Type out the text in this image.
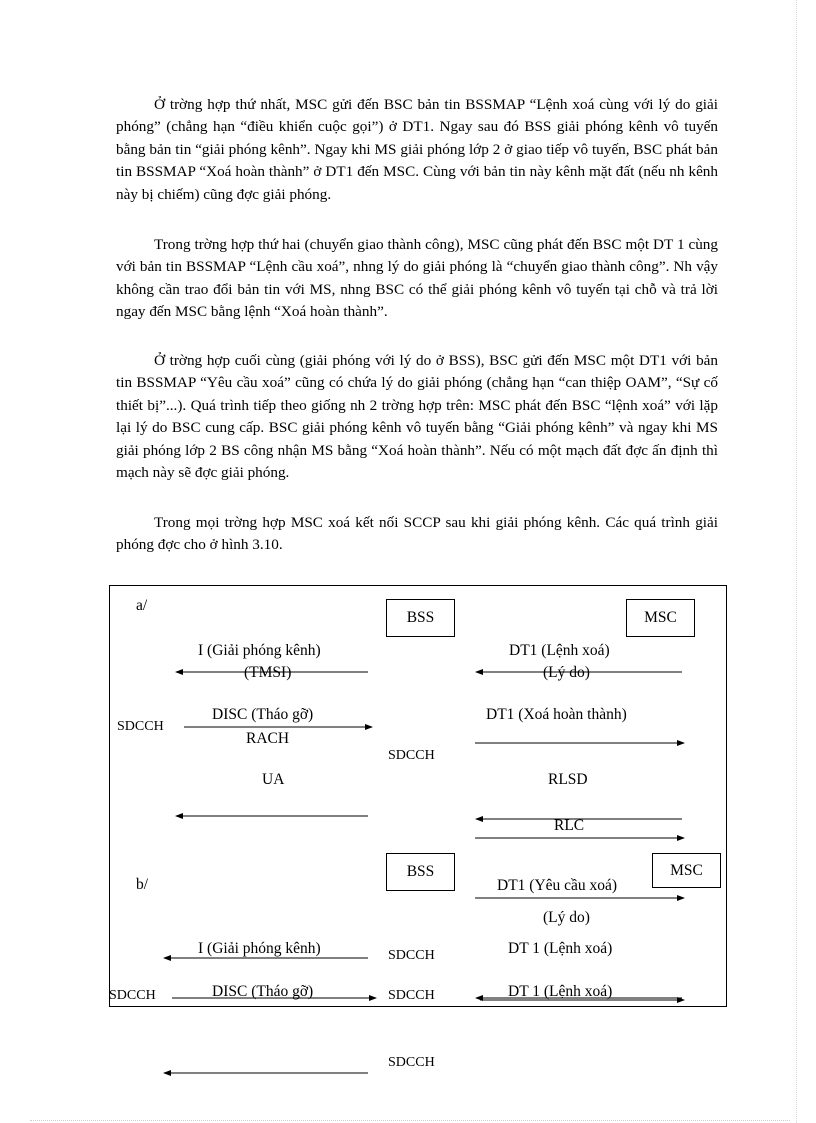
Ở trờng hợp thứ nhất, MSC gửi đến BSC bản tin BSSMAP “Lệnh xoá cùng với lý do giải phóng” (chẳng hạn “điều khiển cuộc gọi”) ở DT1. Ngay sau đó BSS giải phóng kênh vô tuyến bằng bản tin “giải phóng kênh”. Ngay khi MS giải phóng lớp 2 ở giao tiếp vô tuyến, BSC phát bản tin BSSMAP “Xoá hoàn thành” ở DT1 đến MSC. Cùng với bản tin này kênh mặt đất (nếu nh kênh này bị chiếm) cũng đợc giải phóng.

Trong trờng hợp thứ hai (chuyển giao thành công), MSC cũng phát đến BSC một DT 1 cùng với bản tin BSSMAP “Lệnh cầu xoá”, nhng lý do giải phóng là “chuyển giao thành công”. Nh vậy không cần trao đổi bản tin với MS, nhng BSC có thể giải phóng kênh vô tuyến tại chỗ và trả lời ngay đến MSC bằng lệnh “Xoá hoàn thành”.

Ở trờng hợp cuối cùng (giải phóng với lý do ở BSS), BSC gửi đến MSC một DT1 với bản tin BSSMAP “Yêu cầu xoá” cũng có chứa lý do giải phóng (chẳng hạn “can thiệp OAM”, “Sự cố thiết bị”...). Quá trình tiếp theo giống nh 2 trờng hợp trên: MSC phát đến BSC “lệnh xoá” với lặp lại lý do BSC cung cấp. BSC giải phóng kênh vô tuyến bằng “Giải phóng kênh” và ngay khi MS giải phóng lớp 2 BS công nhận MS bằng “Xoá hoàn thành”. Nếu có một mạch đất đợc ấn định thì mạch này sẽ đợc giải phóng.

Trong mọi trờng hợp MSC xoá kết nối SCCP sau khi giải phóng kênh. Các quá trình giải phóng đợc cho ở hình 3.10.

a/
BSS	MSC
I (Giải phóng kênh)
(TMSI)
DT1 (Lệnh xoá)
(Lý do)
SDCCH
DISC (Tháo gỡ)
RACH
DT1 (Xoá hoàn thành)
SDCCH
UA	RLSD
RLC
BSS	MSC
b/	DT1 (Yêu cầu xoá)
(Lý do)
I (Giải phóng kênh)	SDCCH	DT 1 (Lệnh xoá)
SDCCH	DISC (Tháo gỡ)	SDCCH	DT 1 (Lệnh xoá)
SDCCH
